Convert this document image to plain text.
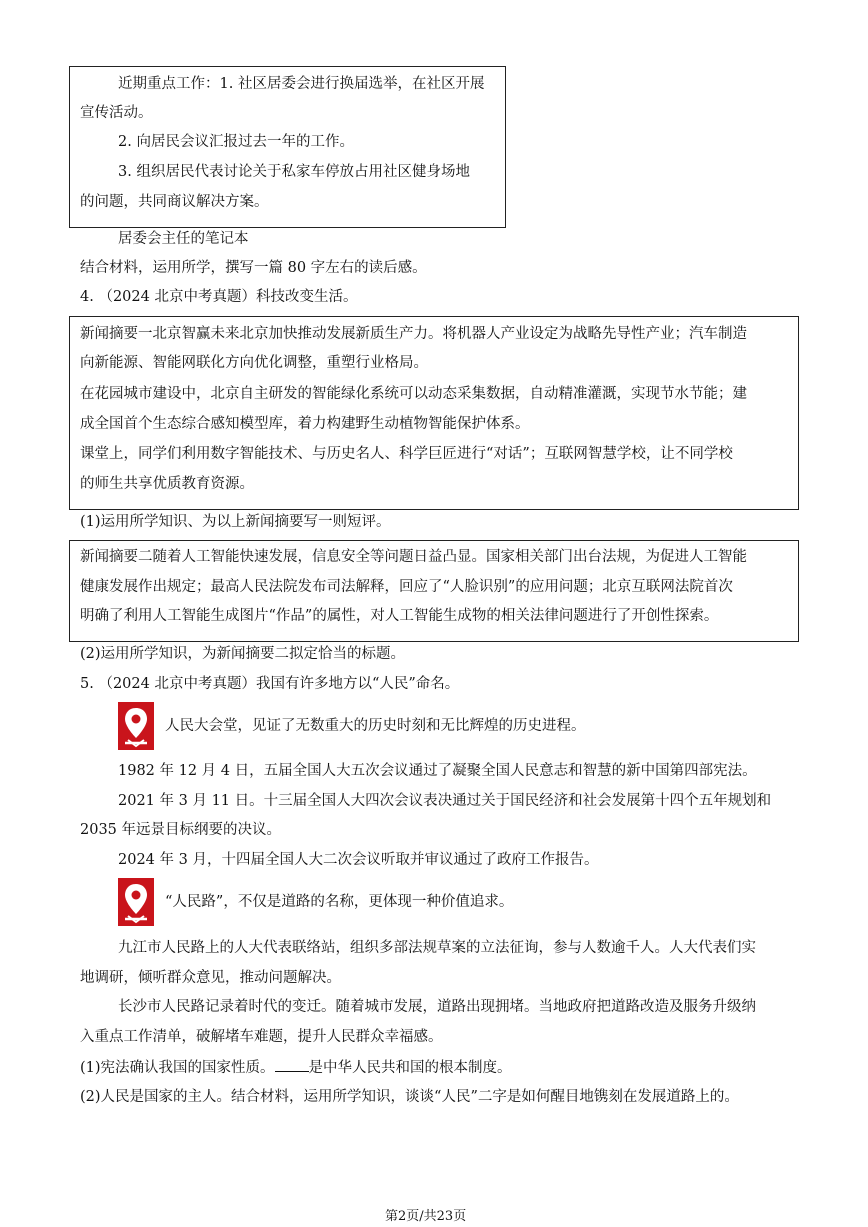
近期重点工作：1. 社区居委会进行换届选举，在社区开展
宣传活动。
2. 向居民会议汇报过去一年的工作。
3. 组织居民代表讨论关于私家车停放占用社区健身场地
的问题，共同商议解决方案。
居委会主任的笔记本
结合材料，运用所学，撰写一篇 80 字左右的读后感。
4. （2024 北京中考真题）科技改变生活。
新闻摘要一北京智赢未来北京加快推动发展新质生产力。将机器人产业设定为战略先导性产业；汽车制造
向新能源、智能网联化方向优化调整，重塑行业格局。
在花园城市建设中，北京自主研发的智能绿化系统可以动态采集数据，自动精准灌溉，实现节水节能；建
成全国首个生态综合感知模型库，着力构建野生动植物智能保护体系。
课堂上，同学们利用数字智能技术、与历史名人、科学巨匠进行“对话”；互联网智慧学校，让不同学校
的师生共享优质教育资源。
(1)运用所学知识、为以上新闻摘要写一则短评。
新闻摘要二随着人工智能快速发展，信息安全等问题日益凸显。国家相关部门出台法规，为促进人工智能
健康发展作出规定；最高人民法院发布司法解释，回应了“人脸识别”的应用问题；北京互联网法院首次
明确了利用人工智能生成图片“作品”的属性，对人工智能生成物的相关法律问题进行了开创性探索。
(2)运用所学知识，为新闻摘要二拟定恰当的标题。
5. （2024 北京中考真题）我国有许多地方以“人民”命名。
人民大会堂，见证了无数重大的历史时刻和无比辉煌的历史进程。
1982 年 12 月 4 日，五届全国人大五次会议通过了凝聚全国人民意志和智慧的新中国第四部宪法。
2021 年 3 月 11 日。十三届全国人大四次会议表决通过关于国民经济和社会发展第十四个五年规划和
2035 年远景目标纲要的决议。
2024 年 3 月，十四届全国人大二次会议听取并审议通过了政府工作报告。
“人民路”，不仅是道路的名称，更体现一种价值追求。
九江市人民路上的人大代表联络站，组织多部法规草案的立法征询，参与人数逾千人。人大代表们实
地调研，倾听群众意见，推动问题解决。
长沙市人民路记录着时代的变迁。随着城市发展，道路出现拥堵。当地政府把道路改造及服务升级纳
入重点工作清单，破解堵车难题，提升人民群众幸福感。
(1)宪法确认我国的国家性质。 是中华人民共和国的根本制度。
(2)人民是国家的主人。结合材料，运用所学知识，谈谈“人民”二字是如何醒目地镌刻在发展道路上的。
第2页/共23页
